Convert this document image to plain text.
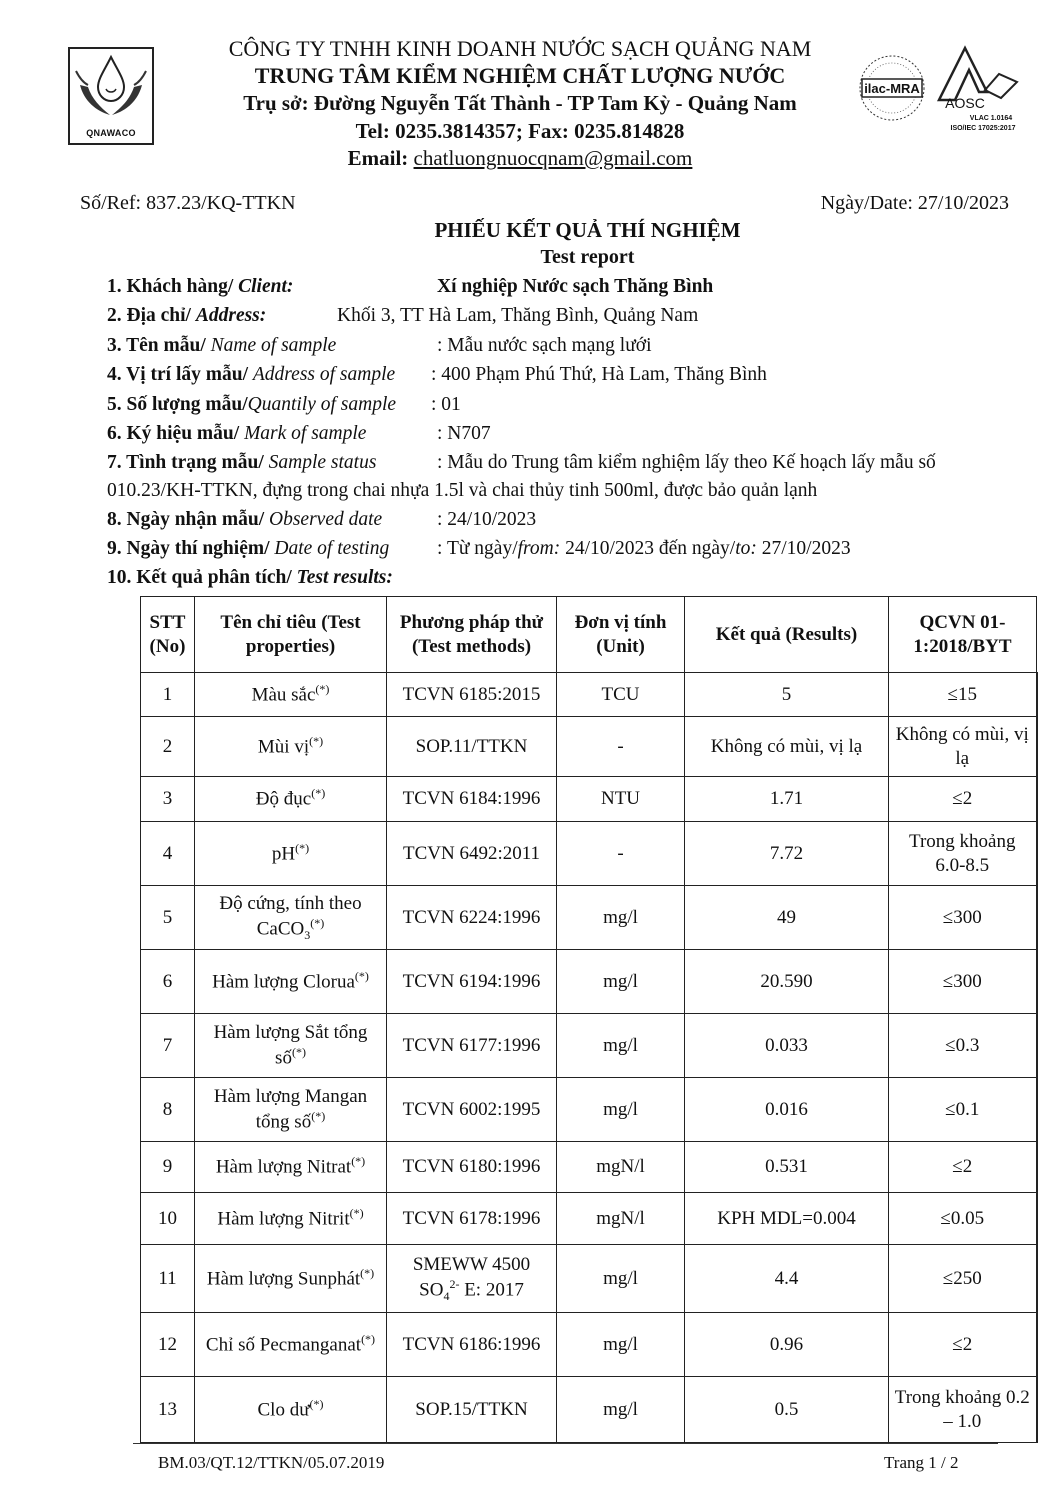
QNAWACO
CÔNG TY TNHH KINH DOANH NƯỚC SẠCH QUẢNG NAM
TRUNG TÂM KIỂM NGHIỆM CHẤT LƯỢNG NƯỚC
Trụ sở: Đường Nguyễn Tất Thành - TP Tam Kỳ - Quảng Nam
Tel: 0235.3814357; Fax: 0235.814828
Email: chatluongnuocqnam@gmail.com
ilac-MRA
AOSC
VLAC 1.0164
ISO/IEC 17025:2017
Số/Ref: 837.23/KQ-TTKN	Ngày/Date: 27/10/2023
PHIẾU KẾT QUẢ THÍ NGHIỆM
Test report
1. Khách hàng/ Client:	Xí nghiệp Nước sạch Thăng Bình
2. Địa chỉ/ Address:	Khối 3, TT Hà Lam, Thăng Bình, Quảng Nam
3. Tên mẫu/ Name of sample	: Mẫu nước sạch mạng lưới
4. Vị trí lấy mẫu/ Address of sample : 400 Phạm Phú Thứ, Hà Lam, Thăng Bình
5. Số lượng mẫu/Quantily of sample : 01
6. Ký hiệu mẫu/ Mark of sample	: N707
7. Tình trạng mẫu/ Sample status	: Mẫu do Trung tâm kiểm nghiệm lấy theo Kế hoạch lấy mẫu số
010.23/KH-TTKN, đựng trong chai nhựa 1.5l và chai thủy tinh 500ml, được bảo quản lạnh
8. Ngày nhận mẫu/ Observed date	: 24/10/2023
9. Ngày thí nghiệm/ Date of testing : Từ ngày/from: 24/10/2023 đến ngày/to: 27/10/2023
10. Kết quả phân tích/ Test results:
STT (No)	Tên chỉ tiêu (Test properties)	Phương pháp thử (Test methods)	Đơn vị tính (Unit)	Kết quả (Results)	QCVN 01-1:2018/BYT
1	Màu sắc(*)	TCVN 6185:2015	TCU	5	≤15
2	Mùi vị(*)	SOP.11/TTKN	-	Không có mùi, vị lạ	Không có mùi, vị lạ
3	Độ đục(*)	TCVN 6184:1996	NTU	1.71	≤2
4	pH(*)	TCVN 6492:2011	-	7.72	Trong khoảng 6.0-8.5
5	Độ cứng, tính theo CaCO$_3$(*)	TCVN 6224:1996	mg/l	49	≤300
6	Hàm lượng Clorua(*)	TCVN 6194:1996	mg/l	20.590	≤300
7	Hàm lượng Sắt tổng số(*)	TCVN 6177:1996	mg/l	0.033	≤0.3
8	Hàm lượng Mangan tổng số(*)	TCVN 6002:1995	mg/l	0.016	≤0.1
9	Hàm lượng Nitrat(*)	TCVN 6180:1996	mgN/l	0.531	≤2
10	Hàm lượng Nitrit(*)	TCVN 6178:1996	mgN/l	KPH MDL=0.004	≤0.05
11	Hàm lượng Sunphát(*)	SMEWW 4500
$SO_4^{2-}$ E: 2017	mg/l	4.4	≤250
12	Chỉ số Pecmanganat(*)	TCVN 6186:1996	mg/l	0.96	≤2
13	Clo dư(*)	SOP.15/TTKN	mg/l	0.5	Trong khoảng 0.2 – 1.0
BM.03/QT.12/TTKN/05.07.2019	Trang 1 / 2
